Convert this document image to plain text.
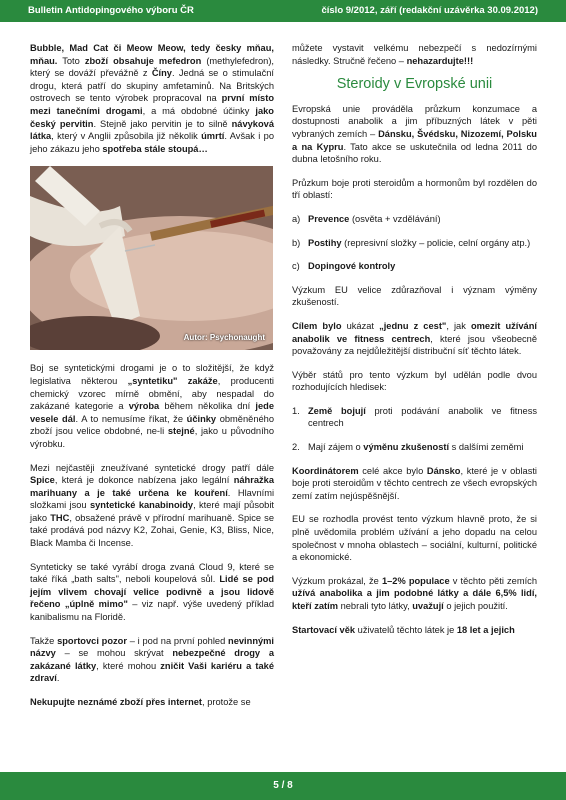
Bulletin Antidopingového výboru ČR	číslo 9/2012, září (redakční uzávěrka 30.09.2012)

Bubble, Mad Cat či Meow Meow, tedy česky mňau, mňau. Toto zboží obsahuje mefedron (methylefedron), který se dováží převážně z Číny. Jedná se o stimulační drogu, která patří do skupiny amfetaminů. Na Britských ostrovech se tento výrobek propracoval na první místo mezi tanečními drogami, a má obdobné účinky jako český pervitin. Stejně jako pervitin je to silně návyková látka, který v Anglii způsobila již několik úmrtí. Avšak i po jeho zákazu jeho spotřeba stále stoupá…

Autor: Psychonaught

Boj se syntetickými drogami je o to složitější, že když legislativa některou „syntetiku" zakáže, producenti chemický vzorec mírně obmění, aby nespadal do zakázané kategorie a výroba během několika dní jede vesele dál. A to nemusíme říkat, že účinky obměněného zboží jsou velice obdobné, ne-li stejné, jako u původního výrobku.

Mezi nejčastěji zneužívané syntetické drogy patří dále Spice, která je dokonce nabízena jako legální náhražka marihuany a je také určena ke kouření. Hlavními složkami jsou syntetické kanabinoidy, které mají působit jako THC, obsažené právě v přírodní marihuaně. Spice se také prodává pod názvy K2, Zohai, Genie, K3, Bliss, Nice, Black Mamba či Incense.

Synteticky se také vyrábí droga zvaná Cloud 9, které se také říká „bath salts", neboli koupelová sůl. Lidé se pod jejím vlivem chovají velice podivně a jsou lidově řečeno „úplně mimo" – viz např. výše uvedený příklad kanibalismu na Floridě.

Takže sportovci pozor – i pod na první pohled nevinnými názvy – se mohou skrývat nebezpečné drogy a zakázané látky, které mohou zničit Vaši kariéru a také zdraví.

Nekupujte neznámé zboží přes internet, protože se

můžete vystavit velkému nebezpečí s nedozírnými následky. Stručně řečeno – nehazardujte!!!

Steroidy v Evropské unii

Evropská unie prováděla průzkum konzumace a dostupnosti anabolik a jim příbuzných látek v pěti vybraných zemích – Dánsku, Švédsku, Nizozemí, Polsku a na Kypru. Tato akce se uskutečnila od ledna 2011 do dubna letošního roku.

Průzkum boje proti steroidům a hormonům byl rozdělen do tří oblastí:

a) Prevence (osvěta + vzdělávání)
b) Postihy (represivní složky – policie, celní orgány atp.)
c) Dopingové kontroly

Výzkum EU velice zdůrazňoval i význam výměny zkušeností.

Cílem bylo ukázat „jednu z cest", jak omezit užívání anabolik ve fitness centrech, které jsou všeobecně považovány za nejdůležitější distribuční síť těchto látek.

Výběr států pro tento výzkum byl udělán podle dvou rozhodujících hledisek:

1. Země bojují proti podávání anabolik ve fitness centrech
2. Mají zájem o výměnu zkušeností s dalšími zeměmi

Koordinátorem celé akce bylo Dánsko, které je v oblasti boje proti steroidům v těchto centrech ze všech evropských zemí zatím nejúspěšnější.

EU se rozhodla provést tento výzkum hlavně proto, že si plně uvědomila problém užívání a jeho dopadu na celou společnost v mnoha oblastech – sociální, kulturní, politické a ekonomické.

Výzkum prokázal, že 1–2% populace v těchto pěti zemích užívá anabolika a jim podobné látky a dále 6,5% lidí, kteří zatím nebrali tyto látky, uvažují o jejich použití.

Startovací věk uživatelů těchto látek je 18 let a jejich

5 / 8
